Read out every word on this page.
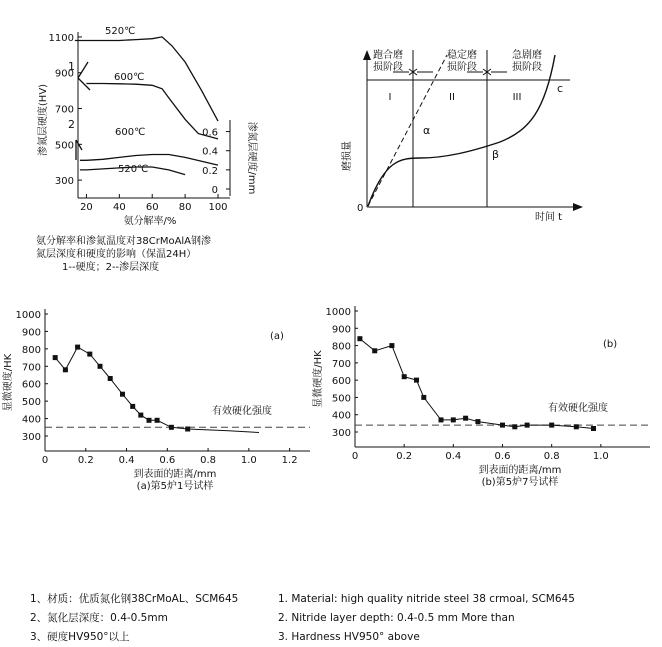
1100
900
700
500
300
20 40 60 80 100
0.6
0.4
0.2
0
渗氮层硬度(HV)
渗氮层硬度/mm
氨分解率/%
520℃
600℃
600℃
520℃
1
2
跑合磨
损阶段
稳定磨
损阶段
急剧磨
损阶段
I	II	III
α
β
c
0
时间 t
磨损量
1000
900
800
700
600
500
400
300
0	0.2 0.4 0.6 0.8 1.0 1.2
有效硬化强度
(a)
显微硬度/HK
到表面的距离/mm
(a)第5炉1号试样
1000
900
800
700
600
500
400
300
0	0.2	0.4	0.6	0.8	1.0
有效硬化强度
(b)
显微硬度/HK
到表面的距离/mm
(b)第5炉7号试样
氨分解率和渗氮温度对38CrMoAlA钢渗
氮层深度和硬度的影响（保温24H）
1--硬度；2--渗层深度
1、材质：优质氮化钢38CrMoAL、SCM645
2、氮化层深度：0.4-0.5mm
3、硬度HV950°以上
1. Material: high quality nitride steel 38 crmoal, SCM645
2. Nitride layer depth: 0.4-0.5 mm More than
3. Hardness HV950° above
